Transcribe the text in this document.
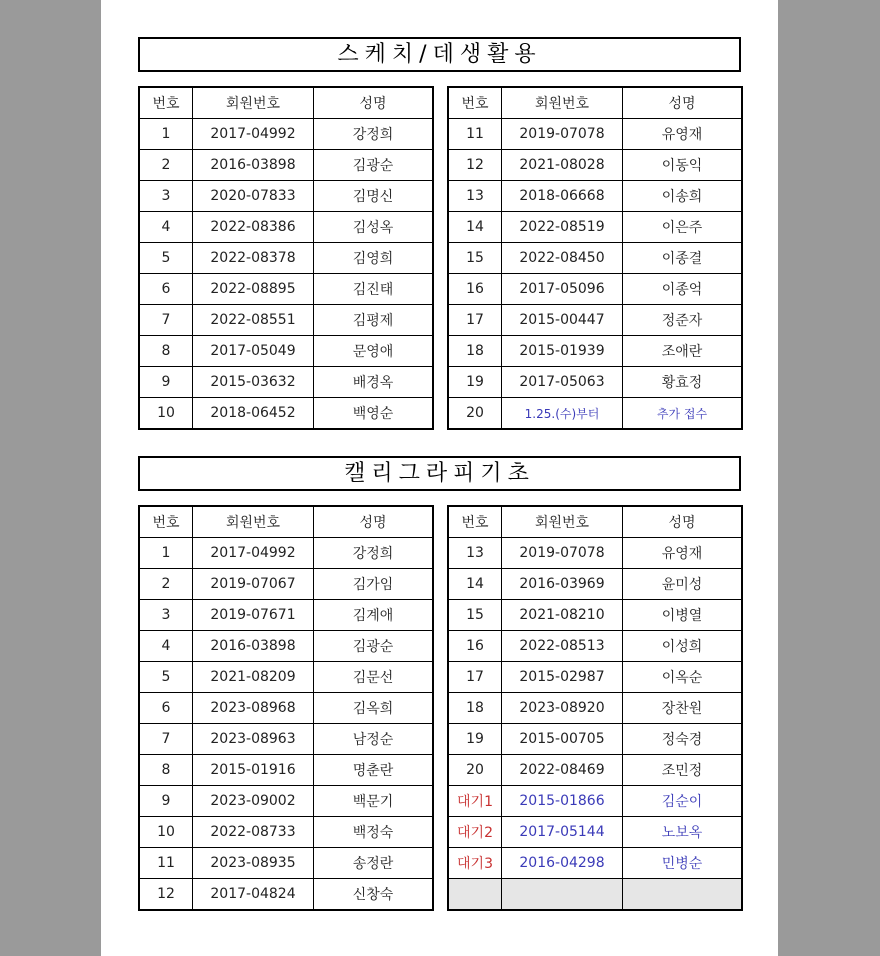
스케치/데생활용
번호	회원번호	성명
1	2017-04992	강정희
2	2016-03898	김광순
3	2020-07833	김명신
4	2022-08386	김성옥
5	2022-08378	김영희
6	2022-08895	김진태
7	2022-08551	김평제
8	2017-05049	문영애
9	2015-03632	배경옥
10	2018-06452	백영순
번호	회원번호	성명
11	2019-07078	유영재
12	2021-08028	이동익
13	2018-06668	이송희
14	2022-08519	이은주
15	2022-08450	이종결
16	2017-05096	이종억
17	2015-00447	정준자
18	2015-01939	조애란
19	2017-05063	황효정
20	1.25.(수)부터	추가 접수
캘리그라피기초
번호	회원번호	성명
1	2017-04992	강정희
2	2019-07067	김가임
3	2019-07671	김계애
4	2016-03898	김광순
5	2021-08209	김문선
6	2023-08968	김옥희
7	2023-08963	남정순
8	2015-01916	명춘란
9	2023-09002	백문기
10	2022-08733	백정숙
11	2023-08935	송정란
12	2017-04824	신창숙
번호	회원번호	성명
13	2019-07078	유영재
14	2016-03969	윤미성
15	2021-08210	이병열
16	2022-08513	이성희
17	2015-02987	이옥순
18	2023-08920	장찬원
19	2015-00705	정숙경
20	2022-08469	조민정
대기1	2015-01866	김순이
대기2	2017-05144	노보옥
대기3	2016-04298	민병순
